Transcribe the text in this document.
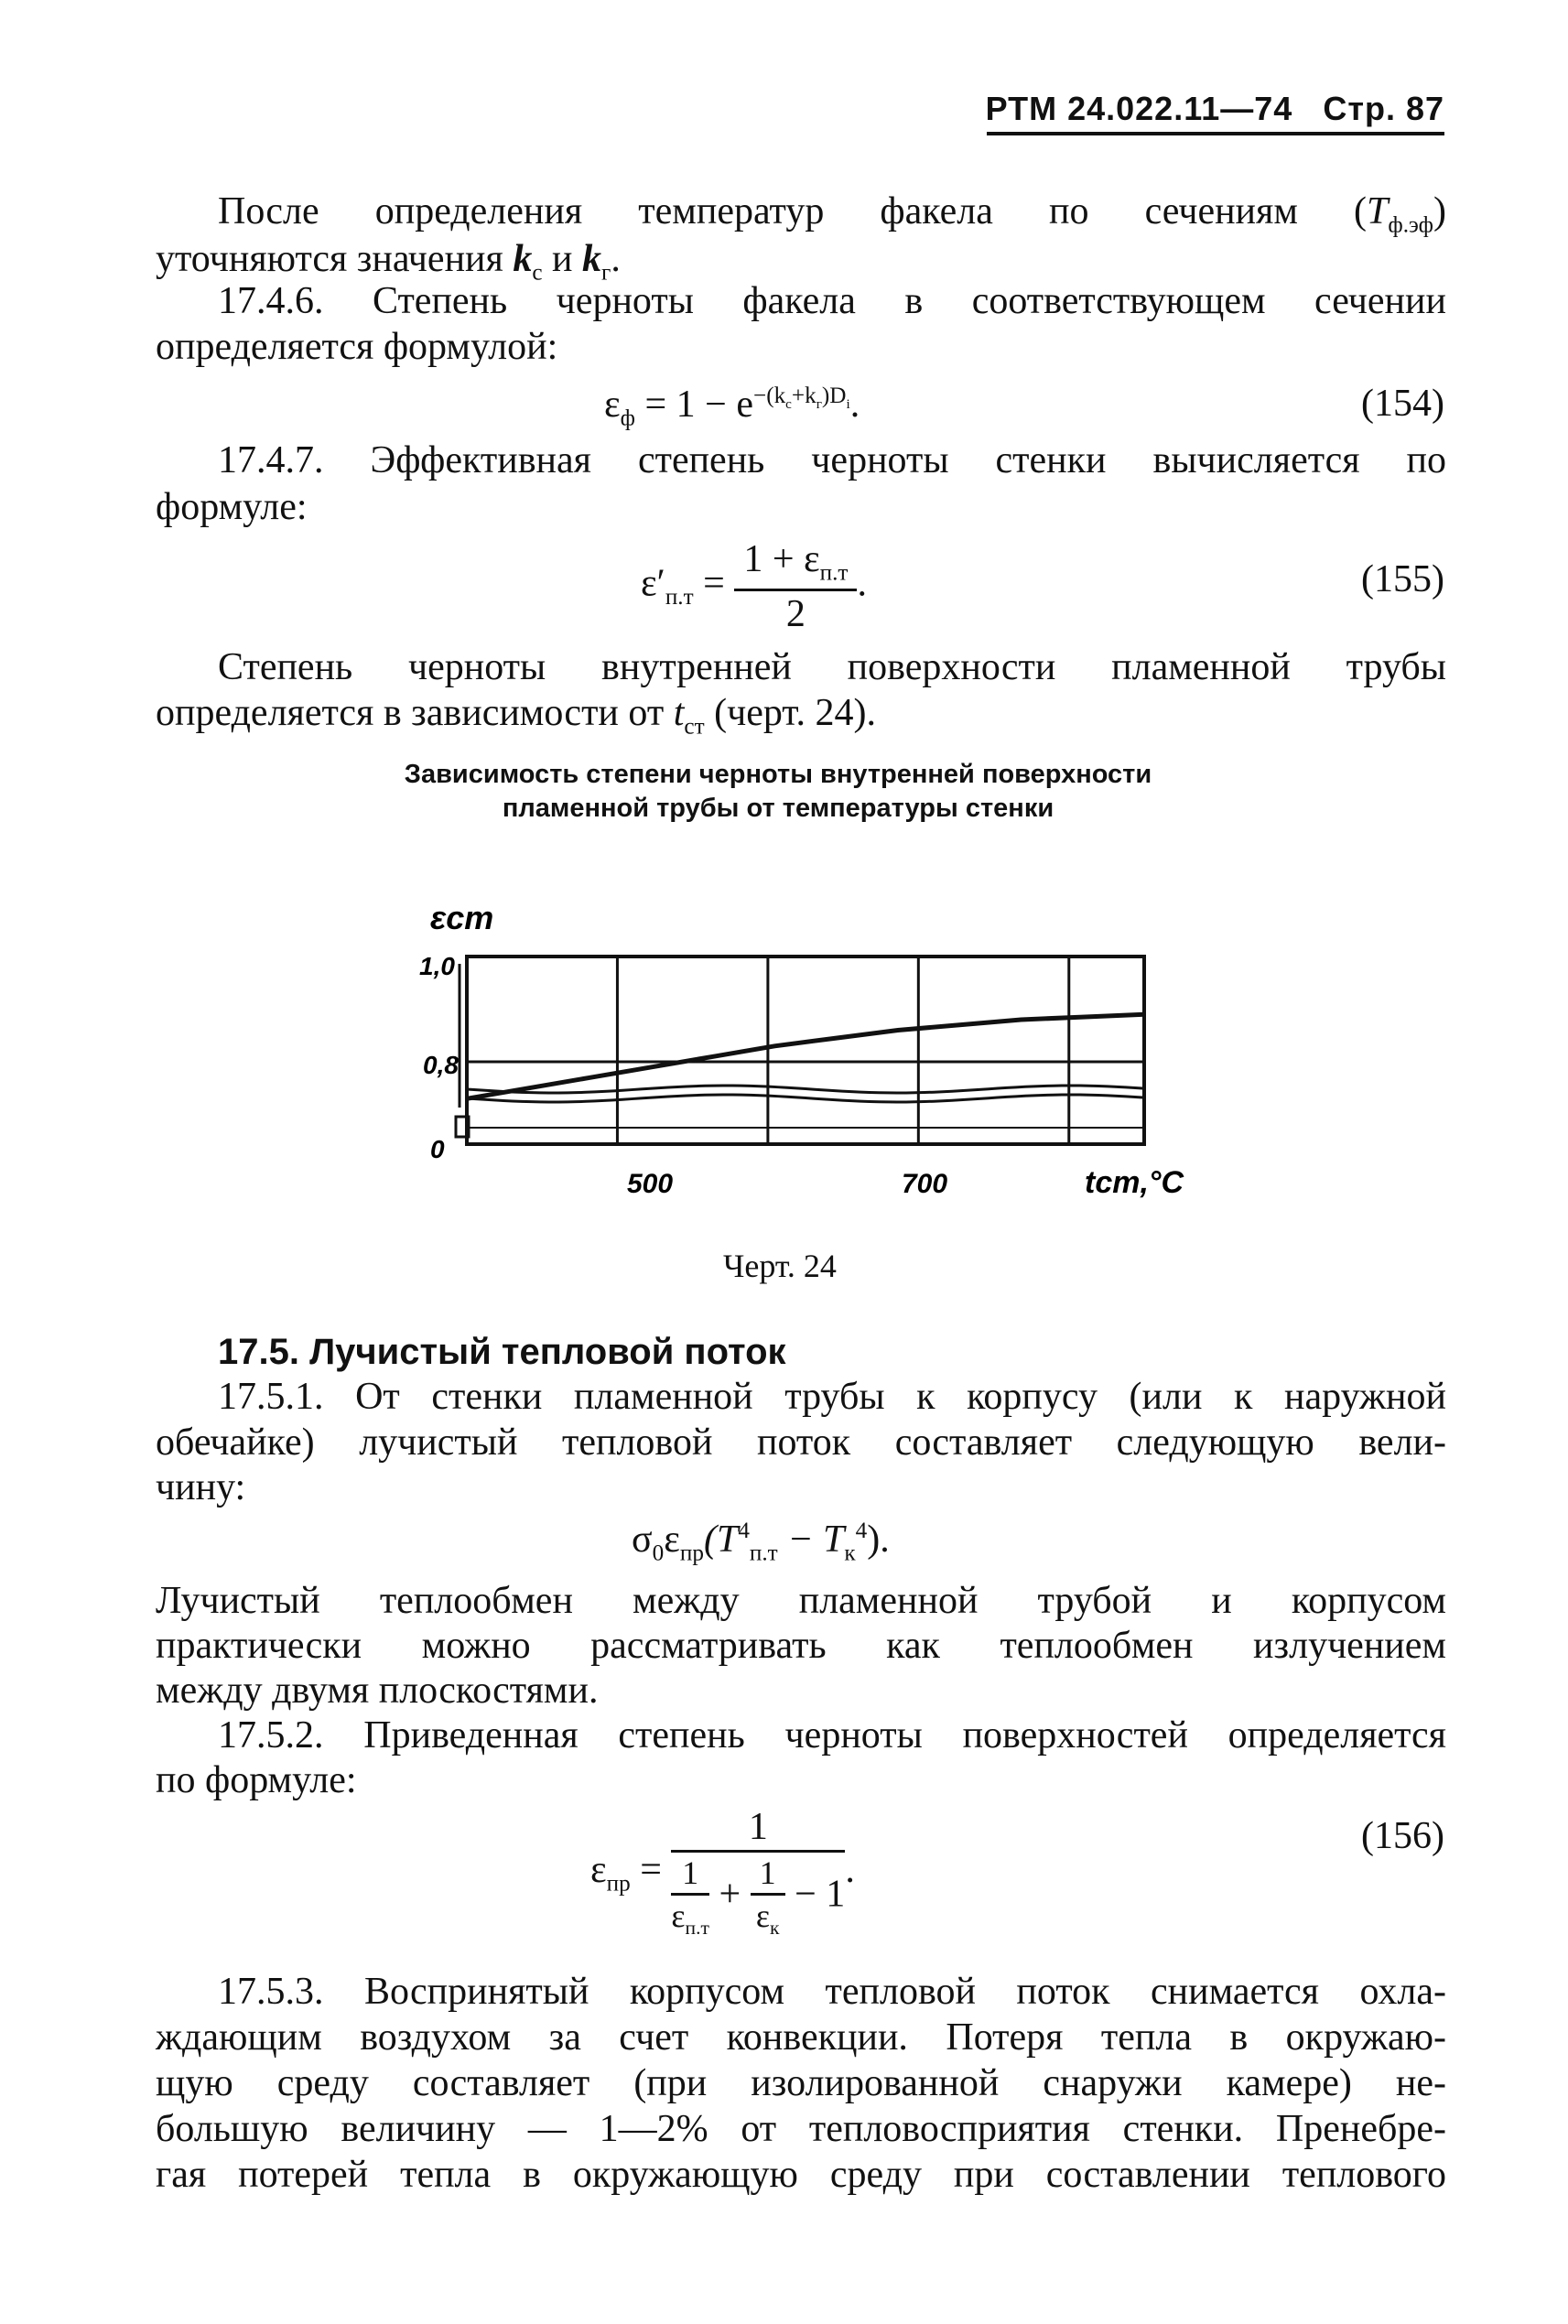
РТМ 24.022.11—74 Стр. 87
После определения температур факела по сечениям $(T_{ф.эф})$
уточняются значения $k_с$ и $k_г$.
17.4.6. Степень черноты факела в соответствующем сечении
определяется формулой:
$\varepsilon_ф = 1 - e^{-(k_с+k_г)D_i}$.	(154)
17.4.7. Эффективная степень черноты стенки вычисляется по
формуле:
$\varepsilon'_{п.т} = \frac{1 + \varepsilon_{п.т}}{2}$ .	(155)
Степень черноты внутренней поверхности пламенной трубы
определяется в зависимости от $t_{ст}$ (черт. 24).
Зависимость степени черноты внутренней поверхности пламенной трубы от температуры стенки
εcm
1,0
0,8
0
500	700	tcm,°C
Черт. 24
17.5. Лучистый тепловой поток
17.5.1. От стенки пламенной трубы к корпусу (или к наружной
обечайке) лучистый тепловой поток составляет следующую вели-
чину:
$\sigma_0\varepsilon_{пр}(T^4_{п.т} - T_к^4)$.
Лучистый теплообмен между пламенной трубой и корпусом
практически можно рассматривать как теплообмен излучением
между двумя плоскостями.
17.5.2. Приведенная степень черноты поверхностей определяется
по формуле:
$\varepsilon_{пр} = \frac{1}{\frac{1}{\varepsilon_{п.т}} + \frac{1}{\varepsilon_к} - 1}$ .
(156)
17.5.3. Воспринятый корпусом тепловой поток снимается охла-
ждающим воздухом за счет конвекции. Потеря тепла в окружаю-
щую среду составляет (при изолированной снаружи камере) не-
большую величину — 1—2% от тепловосприятия стенки. Пренебре-
гая потерей тепла в окружающую среду при составлении теплового
